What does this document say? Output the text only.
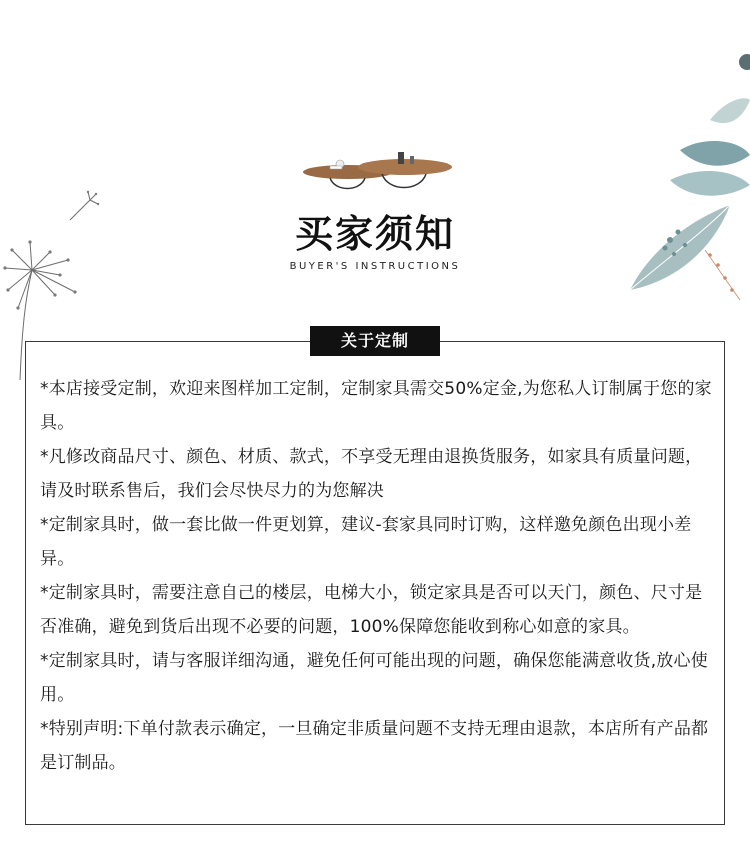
买家须知
BUYER'S INSTRUCTIONS
关于定制
*本店接受定制，欢迎来图样加工定制，定制家具需交50%定金,为您私人订制属于您的家具。
*凡修改商品尺寸、颜色、材质、款式，不享受无理由退换货服务，如家具有质量问题，请及时联系售后，我们会尽快尽力的为您解决
*定制家具时，做一套比做一件更划算，建议-套家具同时订购，这样邀免颜色出现小差异。
*定制家具时，需要注意自己的楼层，电梯大小，锁定家具是否可以天门，颜色、尺寸是否准确，避免到货后出现不必要的问题，100%保障您能收到称心如意的家具。
*定制家具时，请与客服详细沟通，避免任何可能出现的问题，确保您能满意收货,放心使用。
*特别声明:下单付款表示确定，一旦确定非质量问题不支持无理由退款，本店所有产品都是订制品。
